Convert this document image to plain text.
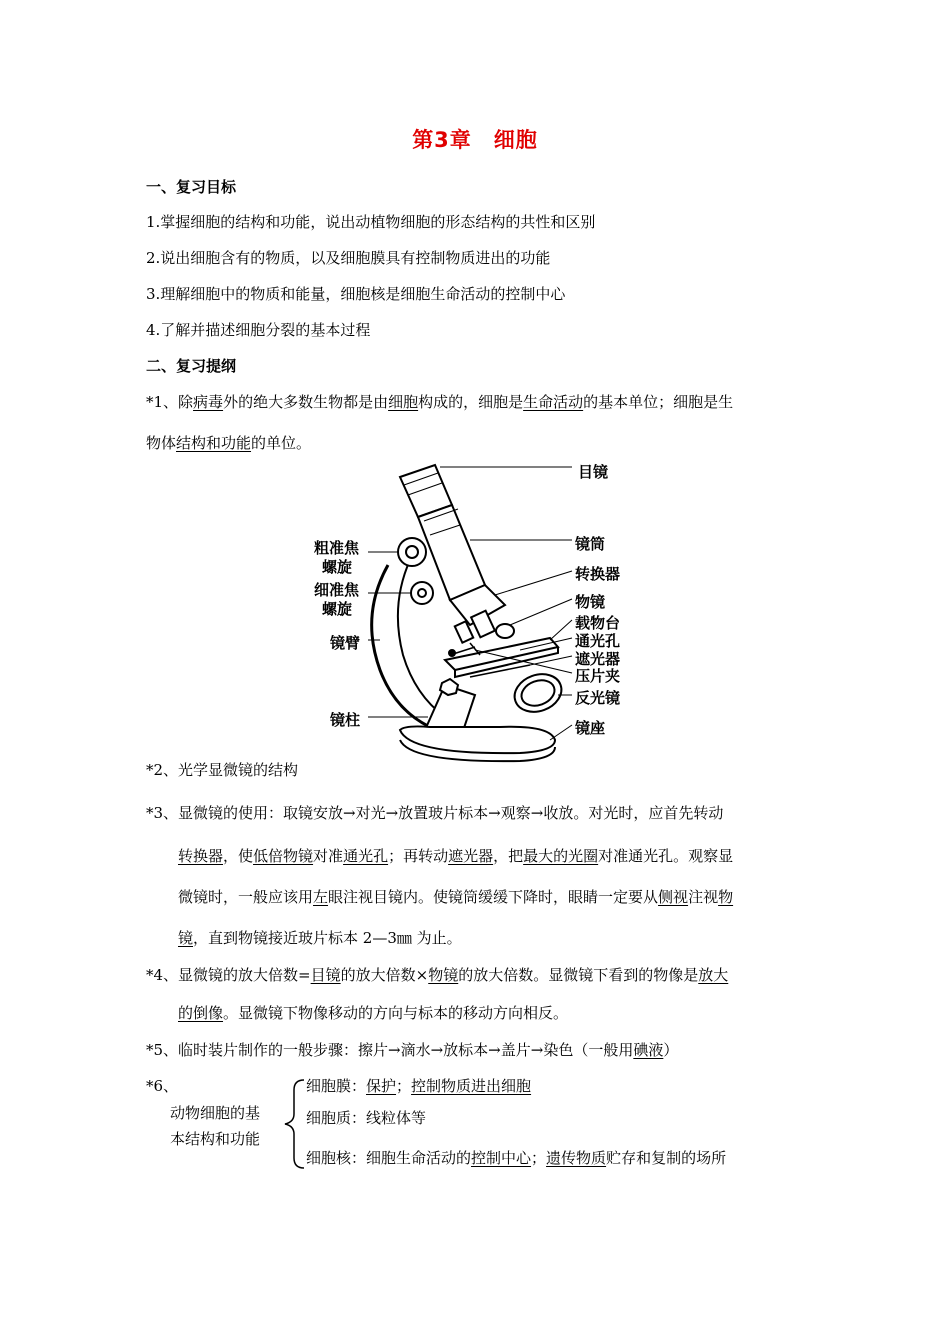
第3章　细胞
一、复习目标
1.掌握细胞的结构和功能，说出动植物细胞的形态结构的共性和区别
2.说出细胞含有的物质，以及细胞膜具有控制物质进出的功能
3.理解细胞中的物质和能量，细胞核是细胞生命活动的控制中心
4.了解并描述细胞分裂的基本过程
二、复习提纲
*1、除病毒外的绝大多数生物都是由细胞构成的，细胞是生命活动的基本单位；细胞是生
物体结构和功能的单位。
目镜
镜筒
转换器
物镜
载物台
通光孔
遮光器
压片夹
反光镜
镜座
粗准焦
螺旋
细准焦
螺旋
镜臂
镜柱
*2、光学显微镜的结构
*3、显微镜的使用：取镜安放→对光→放置玻片标本→观察→收放。对光时，应首先转动
转换器，使低倍物镜对准通光孔；再转动遮光器，把最大的光圈对准通光孔。观察显
微镜时，一般应该用左眼注视目镜内。使镜筒缓缓下降时，眼睛一定要从侧视注视物
镜，直到物镜接近玻片标本 2—3㎜ 为止。
*4、显微镜的放大倍数=目镜的放大倍数×物镜的放大倍数。显微镜下看到的物像是放大
的倒像。显微镜下物像移动的方向与标本的移动方向相反。
*5、临时装片制作的一般步骤：擦片→滴水→放标本→盖片→染色（一般用碘液）
*6、
动物细胞的基
本结构和功能
细胞膜：保护；控制物质进出细胞
细胞质：线粒体等
细胞核：细胞生命活动的控制中心；遗传物质贮存和复制的场所
